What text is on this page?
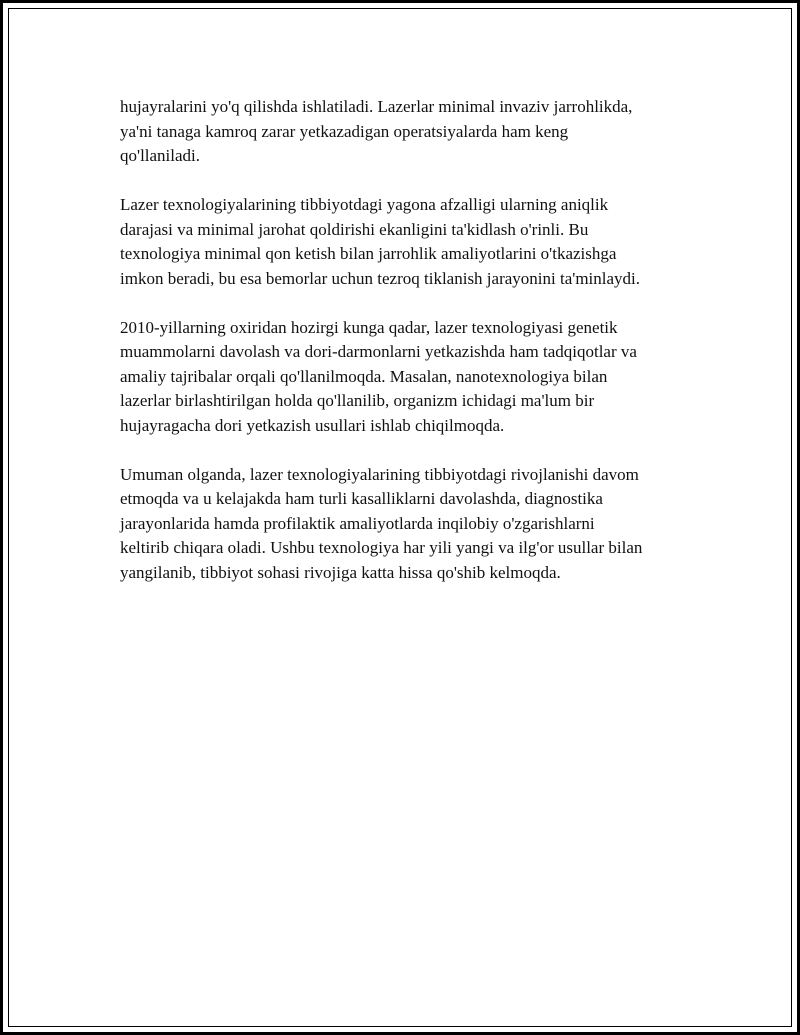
hujayralarini yo'q qilishda ishlatiladi. Lazerlar minimal invaziv jarrohlikda,
ya'ni tanaga kamroq zarar yetkazadigan operatsiyalarda ham keng
qo'llaniladi.

Lazer texnologiyalarining tibbiyotdagi yagona afzalligi ularning aniqlik
darajasi va minimal jarohat qoldirishi ekanligini ta'kidlash o'rinli. Bu
texnologiya minimal qon ketish bilan jarrohlik amaliyotlarini o'tkazishga
imkon beradi, bu esa bemorlar uchun tezroq tiklanish jarayonini ta'minlaydi.

2010-yillarning oxiridan hozirgi kunga qadar, lazer texnologiyasi genetik
muammolarni davolash va dori-darmonlarni yetkazishda ham tadqiqotlar va
amaliy tajribalar orqali qo'llanilmoqda. Masalan, nanotexnologiya bilan
lazerlar birlashtirilgan holda qo'llanilib, organizm ichidagi ma'lum bir
hujayragacha dori yetkazish usullari ishlab chiqilmoqda.

Umuman olganda, lazer texnologiyalarining tibbiyotdagi rivojlanishi davom
etmoqda va u kelajakda ham turli kasalliklarni davolashda, diagnostika
jarayonlarida hamda profilaktik amaliyotlarda inqilobiy o'zgarishlarni
keltirib chiqara oladi. Ushbu texnologiya har yili yangi va ilg'or usullar bilan
yangilanib, tibbiyot sohasi rivojiga katta hissa qo'shib kelmoqda.
